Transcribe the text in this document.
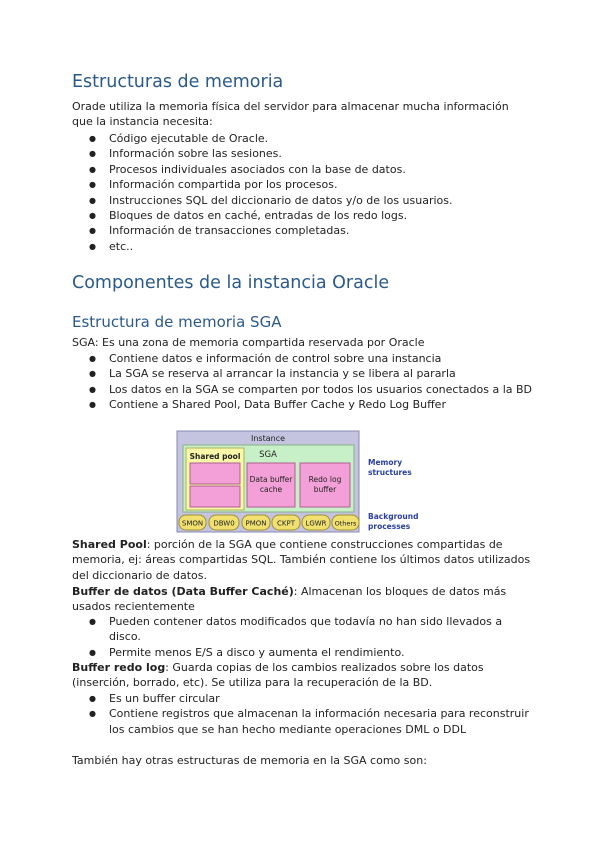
Estructuras de memoria

Orade utiliza la memoria física del servidor para almacenar mucha información que la instancia necesita:

● Código ejecutable de Oracle.
● Información sobre las sesiones.
● Procesos individuales asociados con la base de datos.
● Información compartida por los procesos.
● Instrucciones SQL del diccionario de datos y/o de los usuarios.
● Bloques de datos en caché, entradas de los redo logs.
● Información de transacciones completadas.
● etc..
Componentes de la instancia Oracle
Estructura de memoria SGA

SGA: Es una zona de memoria compartida reservada por Oracle

● Contiene datos e información de control sobre una instancia
● La SGA se reserva al arrancar la instancia y se libera al pararla
● Los datos en la SGA se comparten por todos los usuarios conectados a la BD
● Contiene a Shared Pool, Data Buffer Cache y Redo Log Buffer
Instance
SGA
Shared pool
Data buffer
cache
Redo log
buffer
SMON DBW0 PMON CKPT LGWR Others
Memory
structures
Background
processes

Shared Pool: porción de la SGA que contiene construcciones compartidas de memoria, ej: áreas compartidas SQL. También contiene los últimos datos utilizados del diccionario de datos.

Buffer de datos (Data Buffer Caché): Almacenan los bloques de datos más usados recientemente

● Pueden contener datos modificados que todavía no han sido llevados a disco.
● Permite menos E/S a disco y aumenta el rendimiento.

Buffer redo log: Guarda copias de los cambios realizados sobre los datos (inserción, borrado, etc). Se utiliza para la recuperación de la BD.

● Es un buffer circular
● Contiene registros que almacenan la información necesaria para reconstruir los cambios que se han hecho mediante operaciones DML o DDL

También hay otras estructuras de memoria en la SGA como son:
